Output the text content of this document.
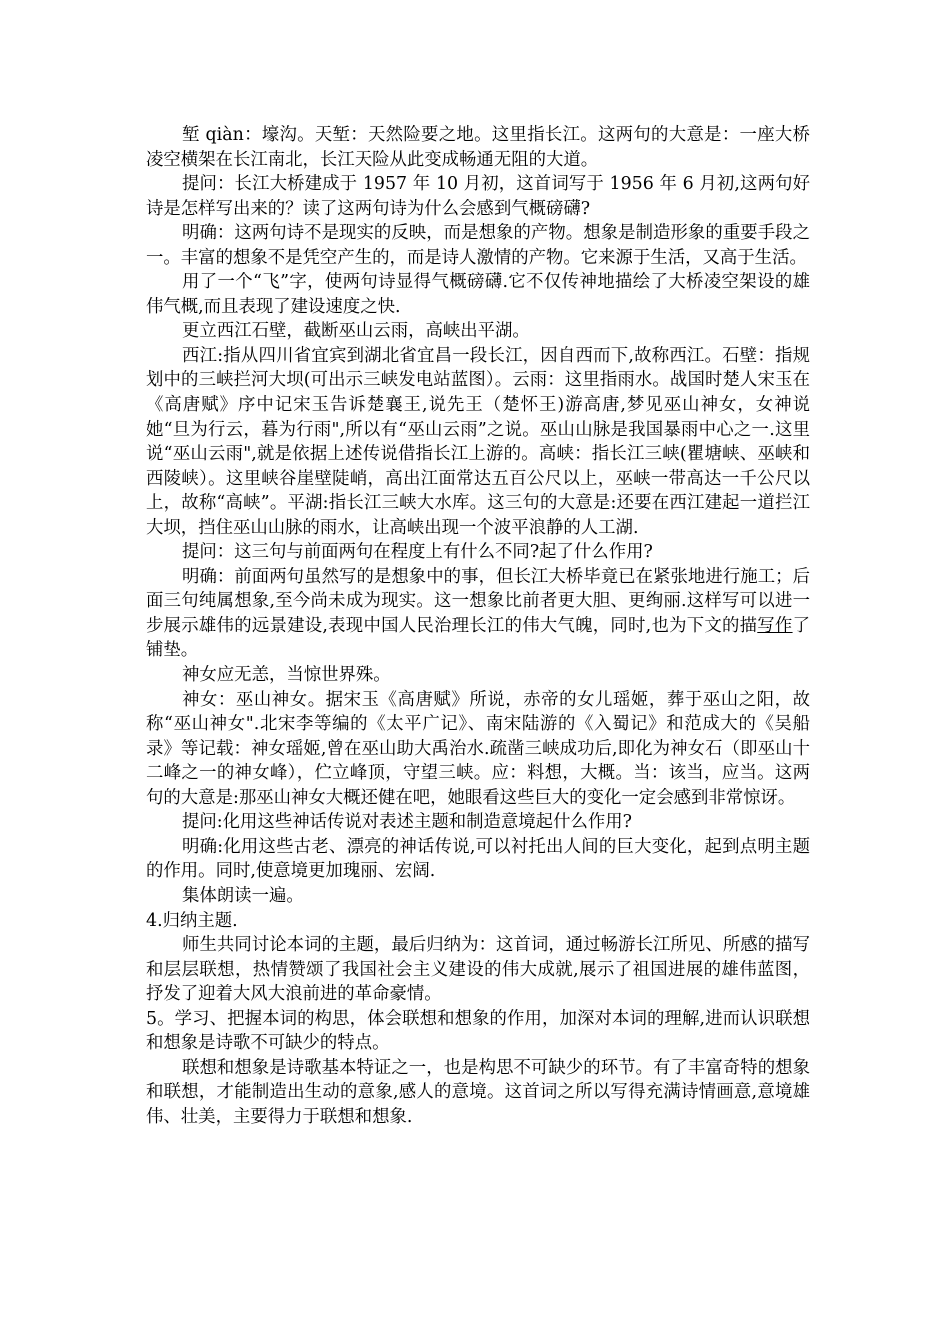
堑 qiàn：壕沟。天堑：天然险要之地。这里指长江。这两句的大意是：一座大桥凌空横架在长江南北，长江天险从此变成畅通无阻的大道。

提问：长江大桥建成于 1957 年 10 月初，这首词写于 1956 年 6 月初,这两句好诗是怎样写出来的？读了这两句诗为什么会感到气概磅礴?

明确：这两句诗不是现实的反映，而是想象的产物。想象是制造形象的重要手段之一。丰富的想象不是凭空产生的，而是诗人激情的产物。它来源于生活，又高于生活。

用了一个“飞”字，使两句诗显得气概磅礴.它不仅传神地描绘了大桥凌空架设的雄伟气概,而且表现了建设速度之快.

更立西江石壁，截断巫山云雨，高峡出平湖。

西江:指从四川省宜宾到湖北省宜昌一段长江，因自西而下,故称西江。石壁：指规划中的三峡拦河大坝(可出示三峡发电站蓝图）。云雨：这里指雨水。战国时楚人宋玉在《高唐赋》序中记宋玉告诉楚襄王,说先王（楚怀王)游高唐,梦见巫山神女，女神说她“旦为行云，暮为行雨",所以有“巫山云雨”之说。巫山山脉是我国暴雨中心之一.这里说“巫山云雨",就是依据上述传说借指长江上游的。高峡：指长江三峡(瞿塘峡、巫峡和西陵峡）。这里峡谷崖壁陡峭，高出江面常达五百公尺以上，巫峡一带高达一千公尺以上，故称“高峡”。平湖:指长江三峡大水库。这三句的大意是:还要在西江建起一道拦江大坝，挡住巫山山脉的雨水，让高峡出现一个波平浪静的人工湖.

提问：这三句与前面两句在程度上有什么不同?起了什么作用?

明确：前面两句虽然写的是想象中的事，但长江大桥毕竟已在紧张地进行施工；后面三句纯属想象,至今尚未成为现实。这一想象比前者更大胆、更绚丽.这样写可以进一步展示雄伟的远景建设,表现中国人民治理长江的伟大气魄，同时,也为下文的描写作了铺垫。

神女应无恙，当惊世界殊。

神女：巫山神女。据宋玉《高唐赋》所说，赤帝的女儿瑶姬，葬于巫山之阳，故称“巫山神女".北宋李等编的《太平广记》、南宋陆游的《入蜀记》和范成大的《吴船录》等记载：神女瑶姬,曾在巫山助大禹治水.疏凿三峡成功后,即化为神女石（即巫山十二峰之一的神女峰），伫立峰顶，守望三峡。应：料想，大概。当：该当，应当。这两句的大意是:那巫山神女大概还健在吧，她眼看这些巨大的变化一定会感到非常惊讶。

提问:化用这些神话传说对表述主题和制造意境起什么作用?

明确:化用这些古老、漂亮的神话传说,可以衬托出人间的巨大变化，起到点明主题的作用。同时,使意境更加瑰丽、宏阔.

集体朗读一遍。

4.归纳主题.

师生共同讨论本词的主题，最后归纳为：这首词，通过畅游长江所见、所感的描写和层层联想，热情赞颂了我国社会主义建设的伟大成就,展示了祖国进展的雄伟蓝图，抒发了迎着大风大浪前进的革命豪情。

5。学习、把握本词的构思，体会联想和想象的作用，加深对本词的理解,进而认识联想和想象是诗歌不可缺少的特点。

联想和想象是诗歌基本特证之一，也是构思不可缺少的环节。有了丰富奇特的想象和联想，才能制造出生动的意象,感人的意境。这首词之所以写得充满诗情画意,意境雄伟、壮美，主要得力于联想和想象.
